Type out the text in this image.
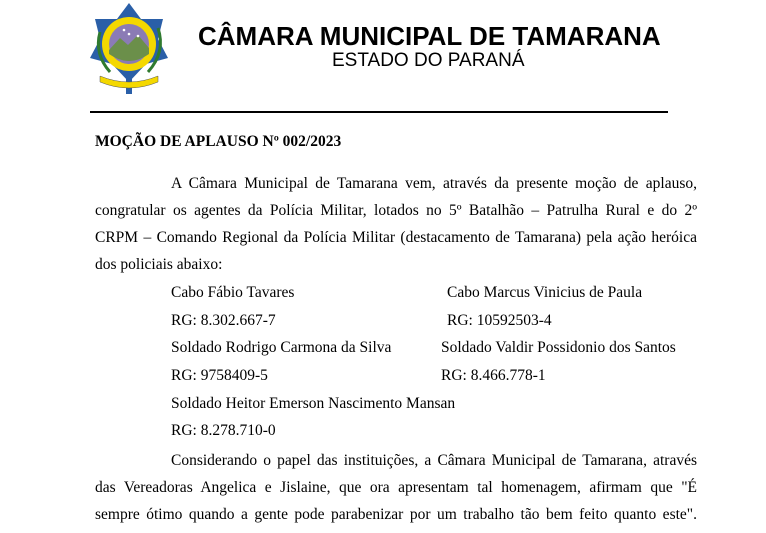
CÂMARA MUNICIPAL DE TAMARANA
ESTADO DO PARANÁ
MOÇÃO DE APLAUSO Nº 002/2023
A Câmara Municipal de Tamarana vem, através da presente moção de aplauso,
congratular os agentes da Polícia Militar, lotados no 5º Batalhão – Patrulha Rural e do 2º
CRPM – Comando Regional da Polícia Militar (destacamento de Tamarana) pela ação heróica
dos policiais abaixo:
Cabo Fábio Tavares	Cabo Marcus Vinicius de Paula
RG: 8.302.667-7	RG: 10592503-4
Soldado Rodrigo Carmona da Silva	Soldado Valdir Possidonio dos Santos
RG: 9758409-5	RG: 8.466.778-1
Soldado Heitor Emerson Nascimento Mansan
RG: 8.278.710-0
Considerando o papel das instituições, a Câmara Municipal de Tamarana, através
das Vereadoras Angelica e Jislaine, que ora apresentam tal homenagem, afirmam que "É
sempre ótimo quando a gente pode parabenizar por um trabalho tão bem feito quanto este".
